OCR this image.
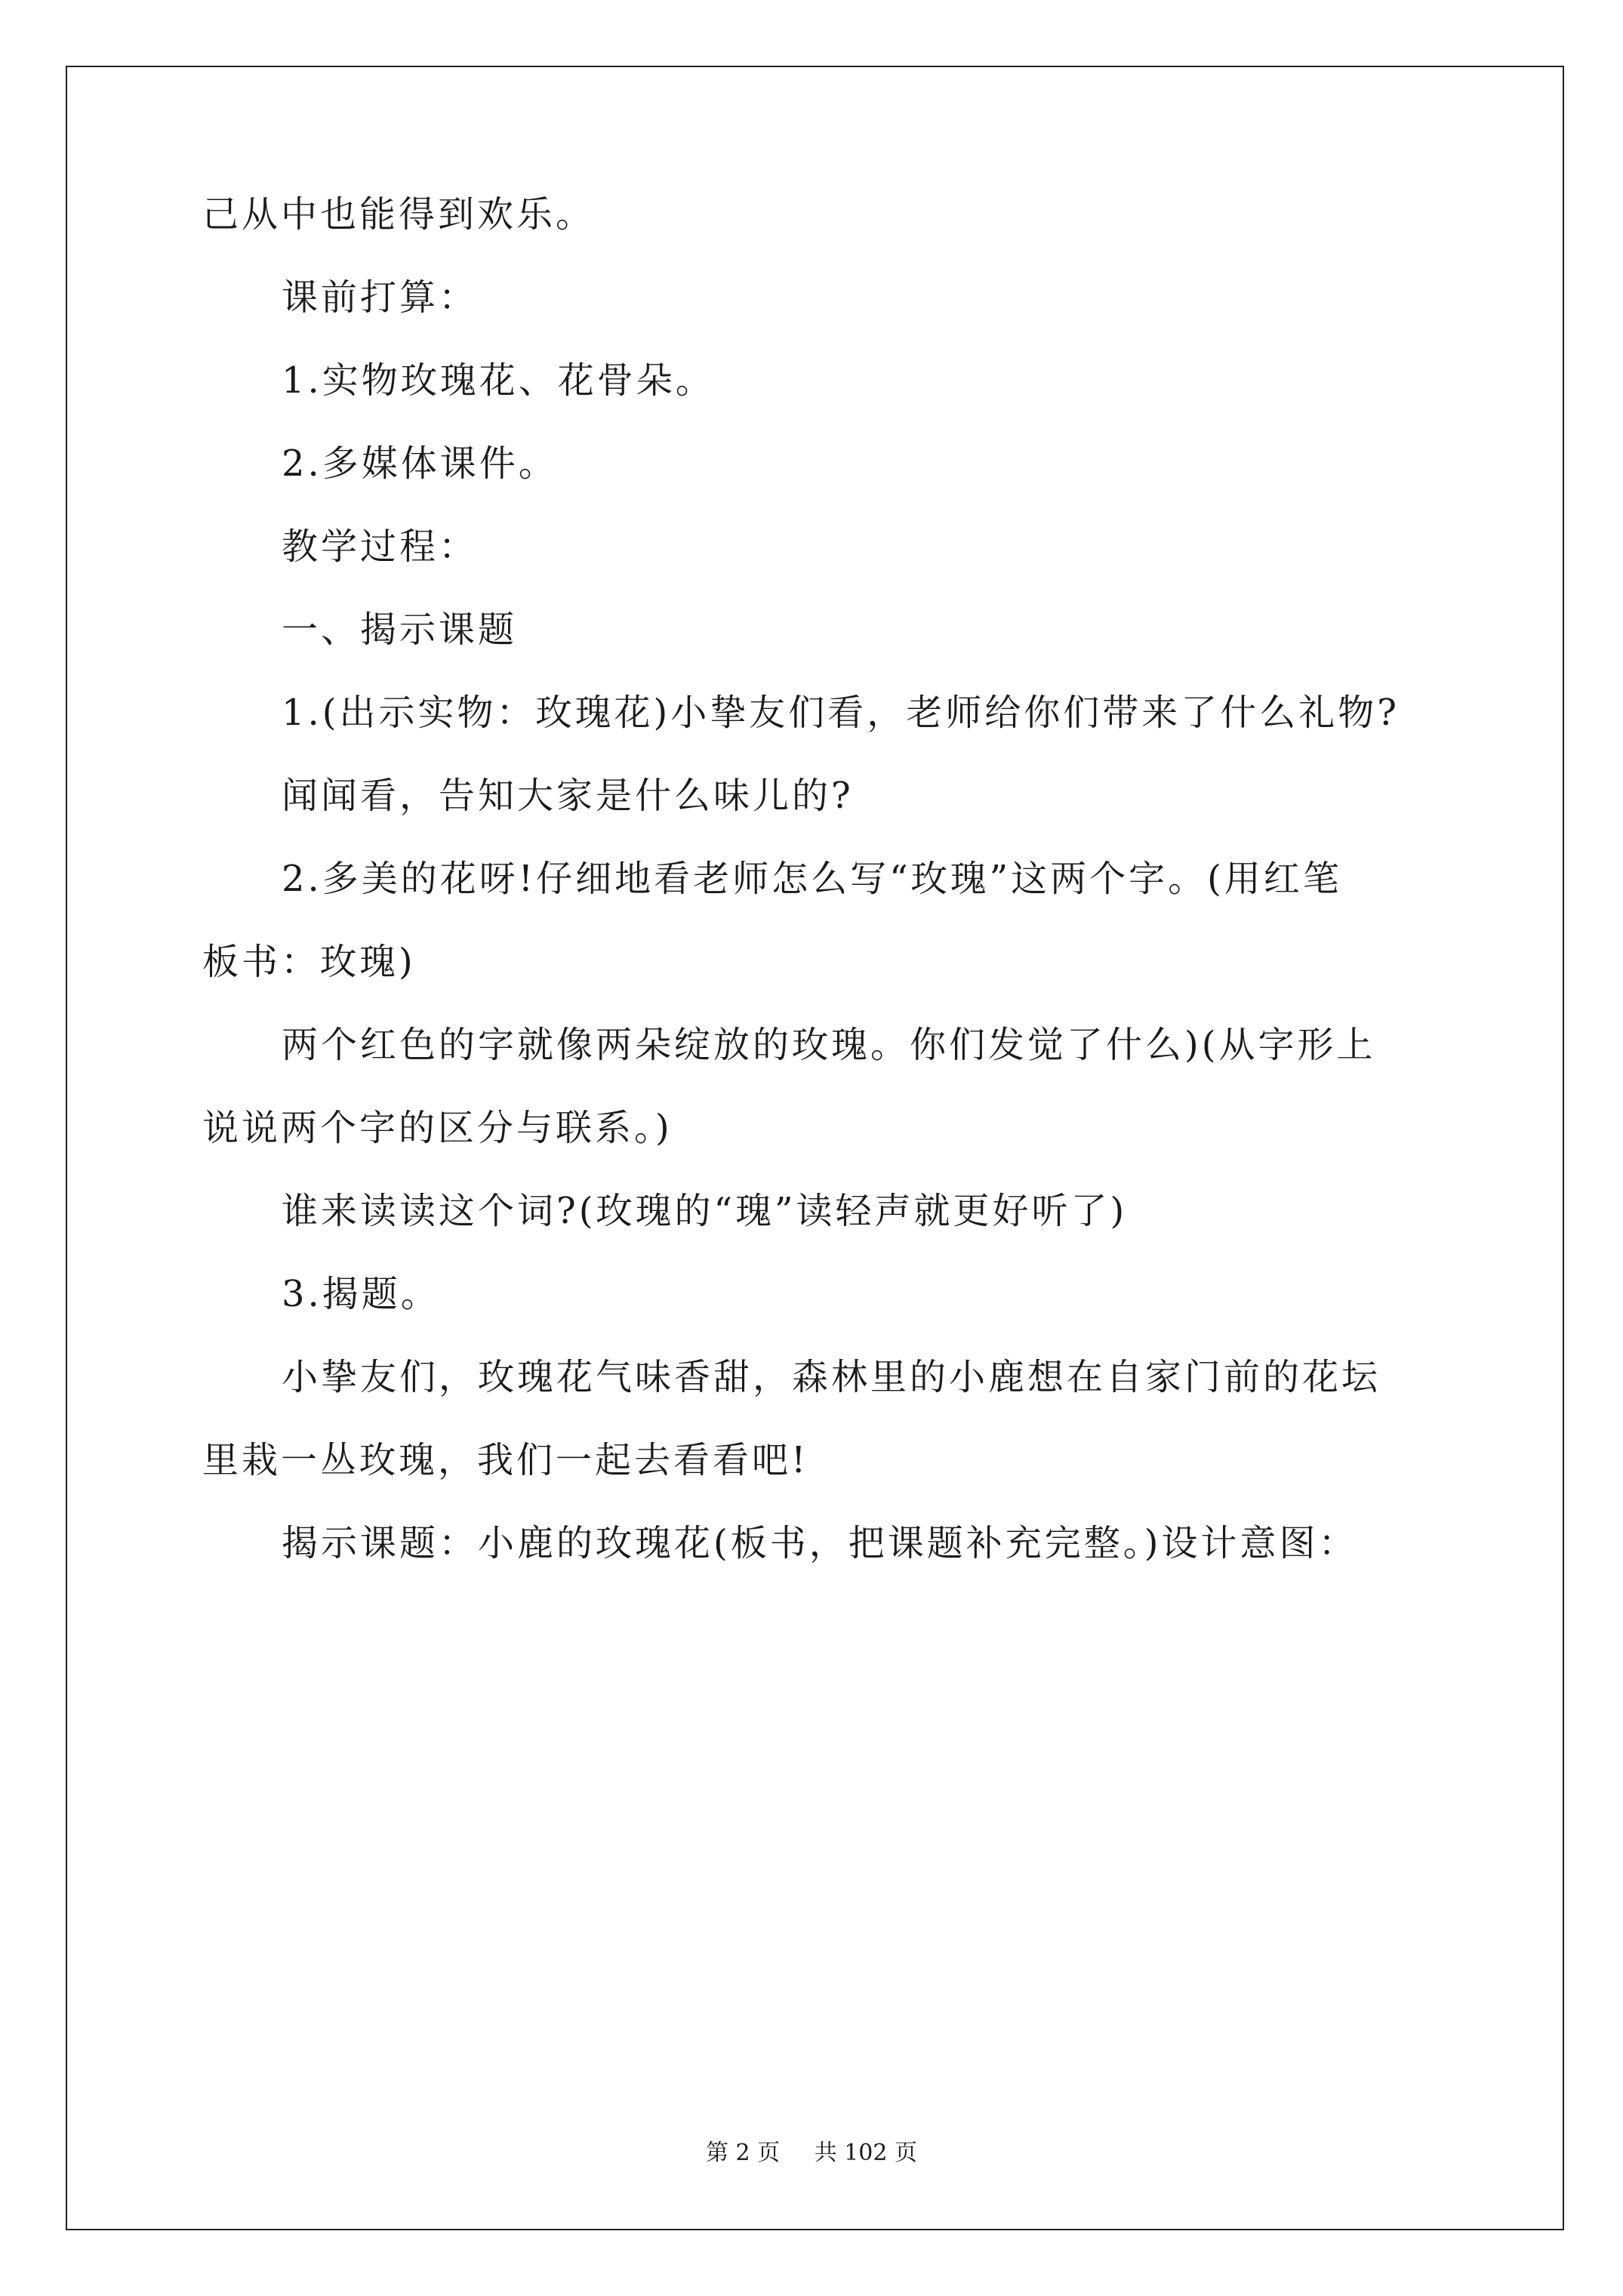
己从中也能得到欢乐。
课前打算：
1.实物玫瑰花、花骨朵。
2.多媒体课件。
教学过程：
一、揭示课题
1.(出示实物：玫瑰花)小挚友们看，老师给你们带来了什么礼物?
闻闻看，告知大家是什么味儿的?
2.多美的花呀!仔细地看老师怎么写“玫瑰”这两个字。(用红笔
板书：玫瑰)
两个红色的字就像两朵绽放的玫瑰。你们发觉了什么)(从字形上
说说两个字的区分与联系。)
谁来读读这个词?(玫瑰的“瑰”读轻声就更好听了)
3.揭题。
小挚友们，玫瑰花气味香甜，森林里的小鹿想在自家门前的花坛
里栽一丛玫瑰，我们一起去看看吧!
揭示课题：小鹿的玫瑰花(板书，把课题补充完整。)设计意图：
第 2 页 共 102 页
